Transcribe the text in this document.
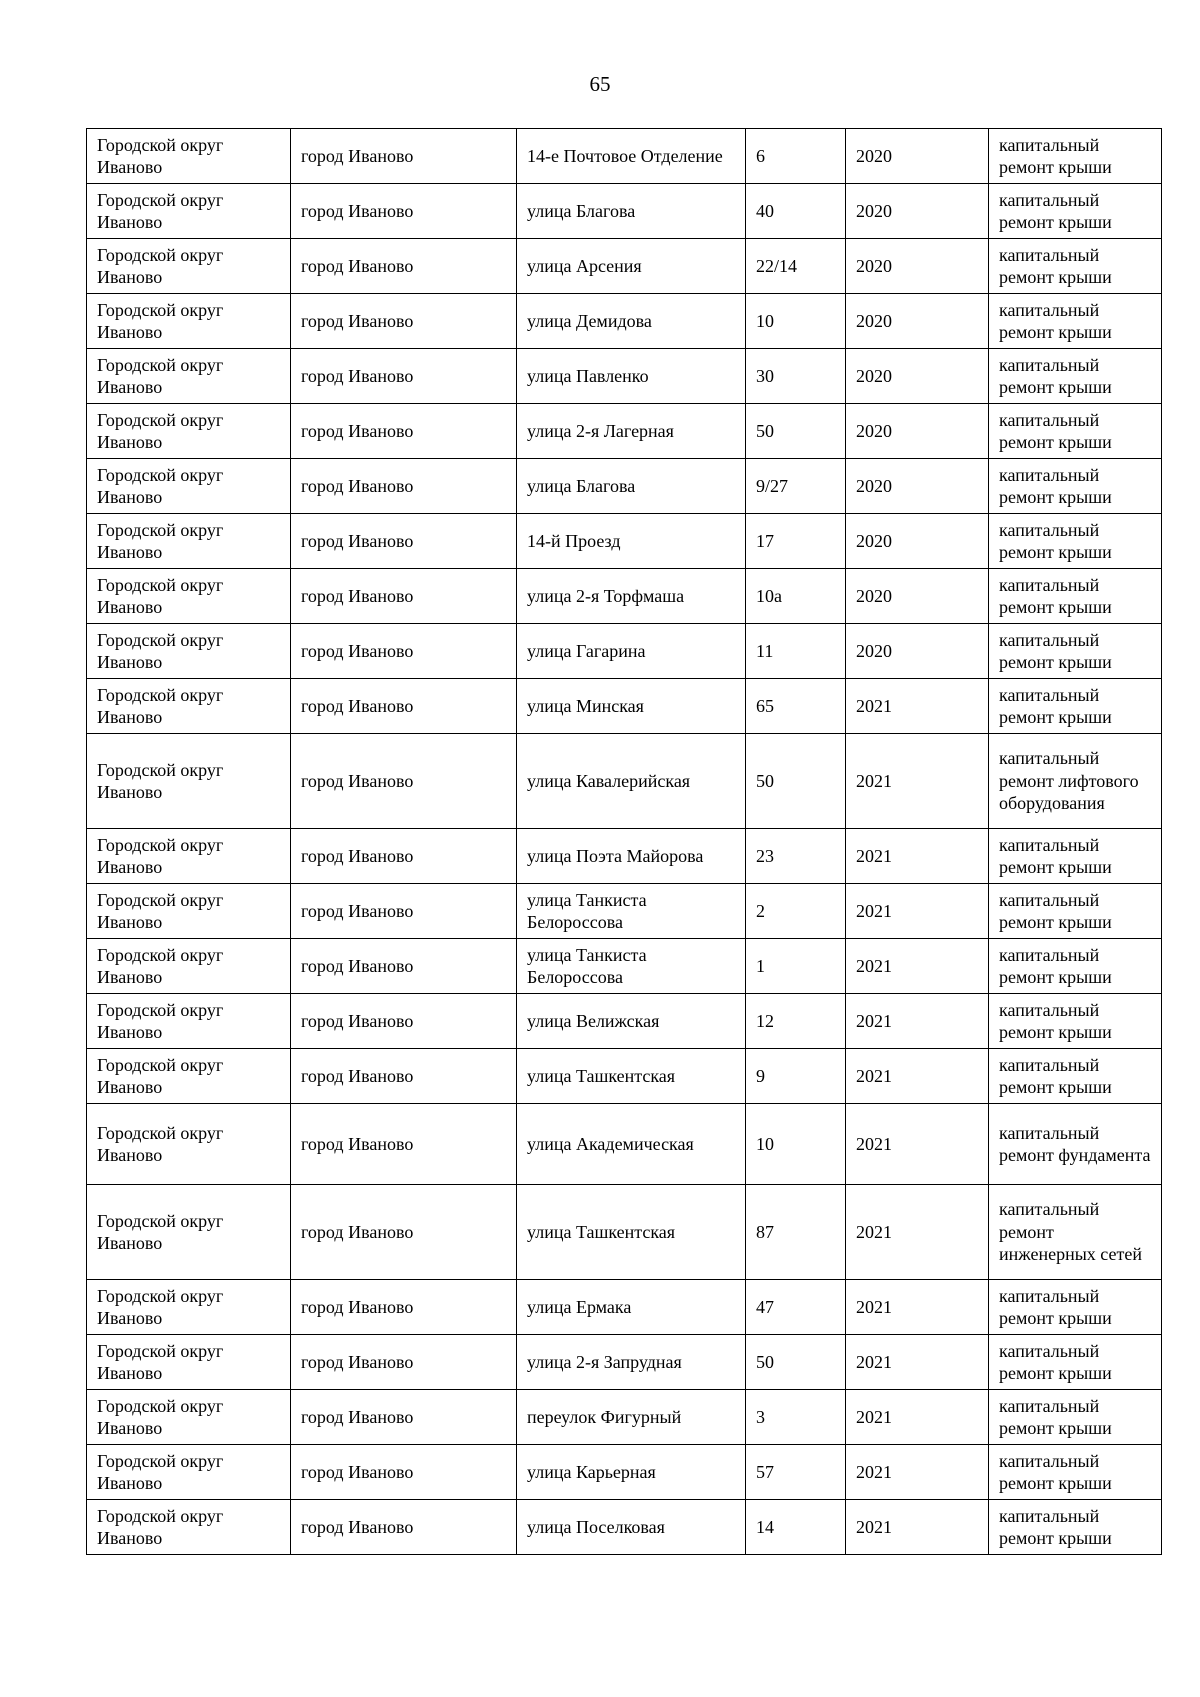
65
Городской округ Иваново	город Иваново	14-е Почтовое Отделение	6	2020	капитальный ремонт крыши

Городской округ Иваново	город Иваново	улица Благова	40	2020	капитальный ремонт крыши

Городской округ Иваново	город Иваново	улица Арсения	22/14	2020	капитальный ремонт крыши

Городской округ Иваново	город Иваново	улица Демидова	10	2020	капитальный ремонт крыши

Городской округ Иваново	город Иваново	улица Павленко	30	2020	капитальный ремонт крыши

Городской округ Иваново	город Иваново	улица 2-я Лагерная	50	2020	капитальный ремонт крыши

Городской округ Иваново	город Иваново	улица Благова	9/27	2020	капитальный ремонт крыши

Городской округ Иваново	город Иваново	14-й Проезд	17	2020	капитальный ремонт крыши

Городской округ Иваново	город Иваново	улица 2-я Торфмаша	10а	2020	капитальный ремонт крыши

Городской округ Иваново	город Иваново	улица Гагарина	11	2020	капитальный ремонт крыши

Городской округ Иваново	город Иваново	улица Минская	65	2021	капитальный ремонт крыши

Городской округ Иваново	город Иваново	улица Кавалерийская	50	2021	капитальный ремонт лифтового оборудования

Городской округ Иваново	город Иваново	улица Поэта Майорова	23	2021	капитальный ремонт крыши

Городской округ Иваново	город Иваново	улица Танкиста Белороссова	2	2021	капитальный ремонт крыши

Городской округ Иваново	город Иваново	улица Танкиста Белороссова	1	2021	капитальный ремонт крыши

Городской округ Иваново	город Иваново	улица Велижская	12	2021	капитальный ремонт крыши

Городской округ Иваново	город Иваново	улица Ташкентская	9	2021	капитальный ремонт крыши

Городской округ Иваново	город Иваново	улица Академическая	10	2021	капитальный ремонт фундамента

Городской округ Иваново	город Иваново	улица Ташкентская	87	2021	капитальный ремонт инженерных сетей

Городской округ Иваново	город Иваново	улица Ермака	47	2021	капитальный ремонт крыши

Городской округ Иваново	город Иваново	улица 2-я Запрудная	50	2021	капитальный ремонт крыши

Городской округ Иваново	город Иваново	переулок Фигурный	3	2021	капитальный ремонт крыши

Городской округ Иваново	город Иваново	улица Карьерная	57	2021	капитальный ремонт крыши

Городской округ Иваново	город Иваново	улица Поселковая	14	2021	капитальный ремонт крыши
